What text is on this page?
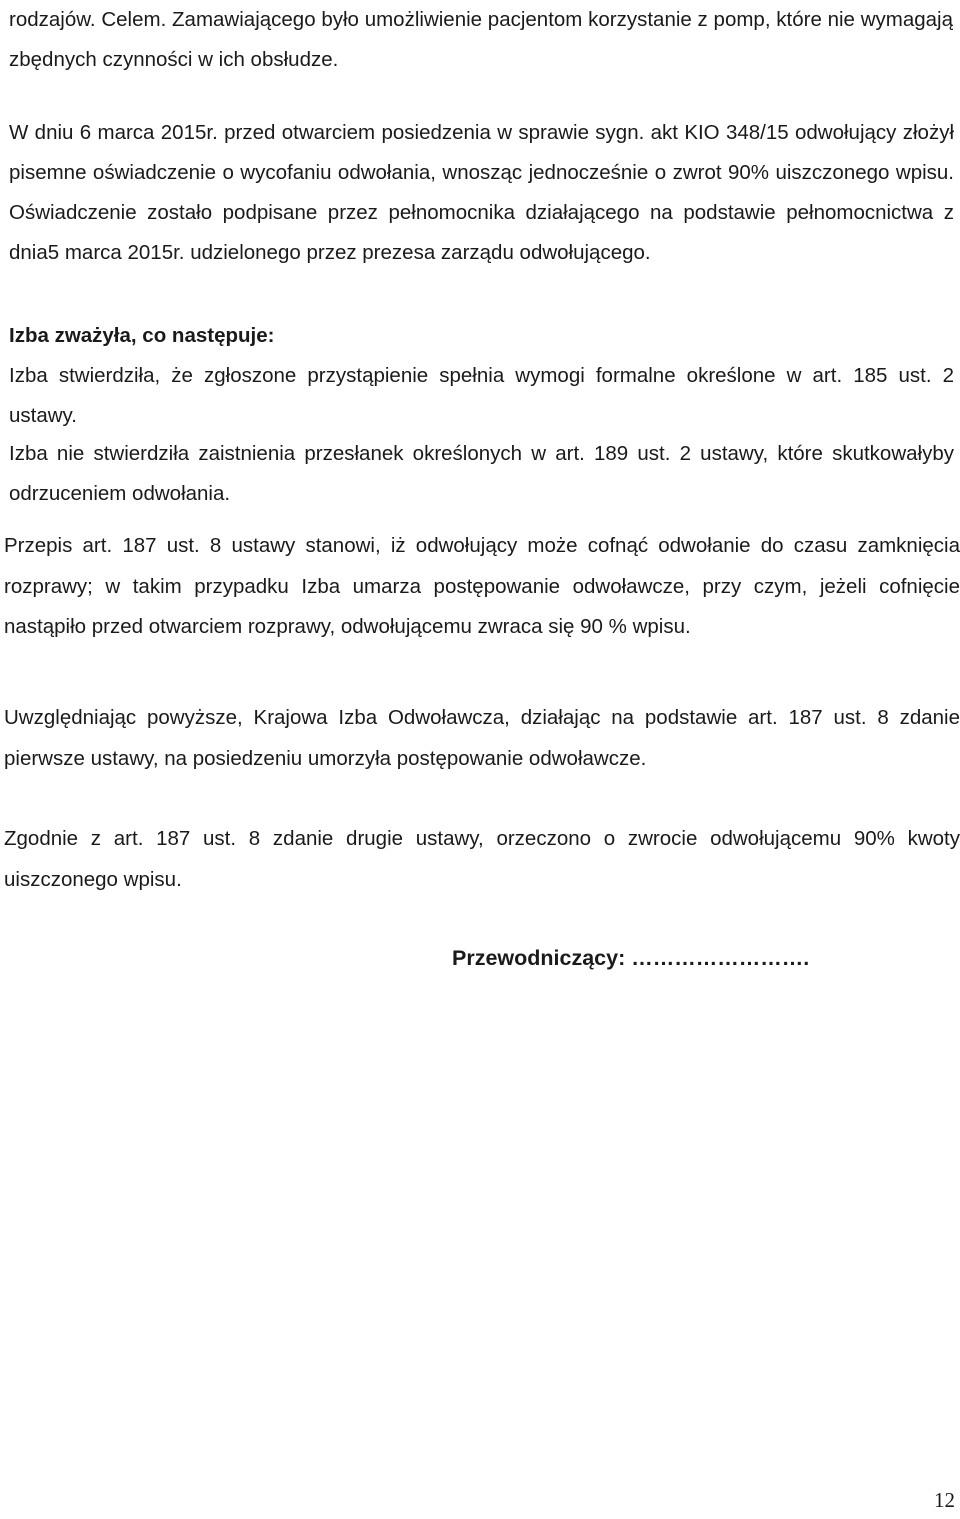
rodzajów. Celem. Zamawiającego było umożliwienie pacjentom korzystanie z pomp, które nie wymagają zbędnych czynności w ich obsłudze.

W dniu 6 marca 2015r. przed otwarciem posiedzenia w sprawie sygn. akt KIO 348/15 odwołujący złożył pisemne oświadczenie o wycofaniu odwołania, wnosząc jednocześnie o zwrot 90% uiszczonego wpisu. Oświadczenie zostało podpisane przez pełnomocnika działającego na podstawie pełnomocnictwa z dnia5 marca 2015r. udzielonego przez prezesa zarządu odwołującego.

Izba zważyła, co następuje:

Izba stwierdziła, że zgłoszone przystąpienie spełnia wymogi formalne określone w art. 185 ust. 2 ustawy.

Izba nie stwierdziła zaistnienia przesłanek określonych w art. 189 ust. 2 ustawy, które skutkowałyby odrzuceniem odwołania.

Przepis art. 187 ust. 8 ustawy stanowi, iż odwołujący może cofnąć odwołanie do czasu zamknięcia rozprawy; w takim przypadku Izba umarza postępowanie odwoławcze, przy czym, jeżeli cofnięcie nastąpiło przed otwarciem rozprawy, odwołującemu zwraca się 90 % wpisu.

Uwzględniając powyższe, Krajowa Izba Odwoławcza, działając na podstawie art. 187 ust. 8 zdanie pierwsze ustawy, na posiedzeniu umorzyła postępowanie odwoławcze.

Zgodnie z art. 187 ust. 8 zdanie drugie ustawy, orzeczono o zwrocie odwołującemu 90% kwoty uiszczonego wpisu.

Przewodniczący: …………………….
12
